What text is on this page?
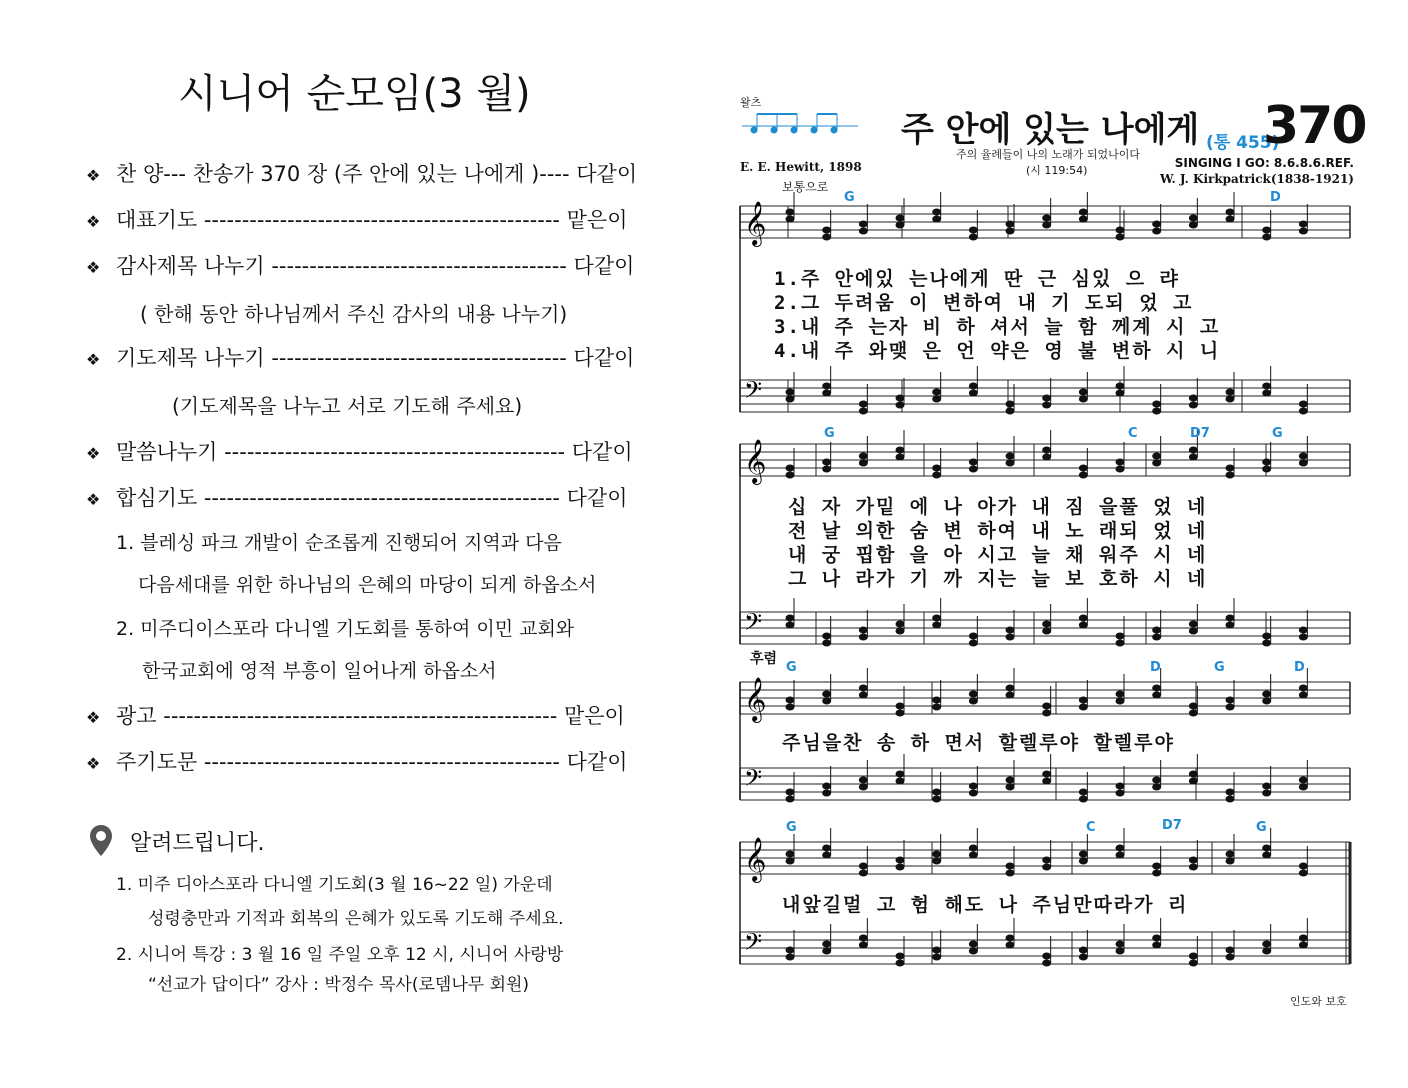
시니어 순모임(3 월)
❖ 찬 양--- 찬송가 370 장 (주 안에 있는 나에게 )---- 다같이
❖ 대표기도 ----------------------------------------------- 맡은이
❖ 감사제목 나누기 --------------------------------------- 다같이
( 한해 동안 하나님께서 주신 감사의 내용 나누기)
❖ 기도제목 나누기 --------------------------------------- 다같이
(기도제목을 나누고 서로 기도해 주세요)
❖ 말씀나누기 --------------------------------------------- 다같이
❖ 합심기도 ----------------------------------------------- 다같이
1. 블레싱 파크 개발이 순조롭게 진행되어 지역과 다음
다음세대를 위한 하나님의 은혜의 마당이 되게 하옵소서
2. 미주디이스포라 다니엘 기도회를 통하여 이민 교회와
한국교회에 영적 부흥이 일어나게 하옵소서
❖ 광고 ---------------------------------------------------- 맡은이
❖ 주기도문 ----------------------------------------------- 다같이
알려드립니다.
1. 미주 디아스포라 다니엘 기도회(3 월 16~22 일) 가운데
성령충만과 기적과 회복의 은혜가 있도록 기도해 주세요.
2. 시니어 특강 : 3 월 16 일 주일 오후 12 시, 시니어 사랑방
“선교가 답이다” 강사 : 박정수 목사(로뎀나무 회원)
왈츠
주 안에 있는 나에게 (통 455)
370
주의 율례들이 나의 노래가 되었나이다
(시 119:54)
E. E. Hewitt, 1898	SINGING I GO: 8.6.8.6.REF.
W. J. Kirkpatrick(1838-1921)
보통으로
𝄞
𝄢
𝄞
𝄢
𝄞
𝄢
𝄞
𝄢
G	D
1.주 안에있 는나에게 딴 근 심있 으 랴
2.그 두려움 이 변하여 내 기 도되 었 고
3.내 주 는자 비 하 셔서 늘 함 께계 시 고
4.내 주 와맺 은 언 약은 영 불 변하 시 니
G	C	D7	G
십 자 가밑 에 나 아가 내 짐 을풀 었 네
전 날 의한 숨 변 하여 내 노 래되 었 네
내 궁 핍함 을 아 시고 늘 채 워주 시 네
그 나 라가 기 까 지는 늘 보 호하 시 네
후렴
G	D	G	D
주님을찬 송 하 면서 할렐루야 할렐루야
G	C	D7	G
내앞길멀 고 험 해도 나 주님만따라가 리
인도와 보호
